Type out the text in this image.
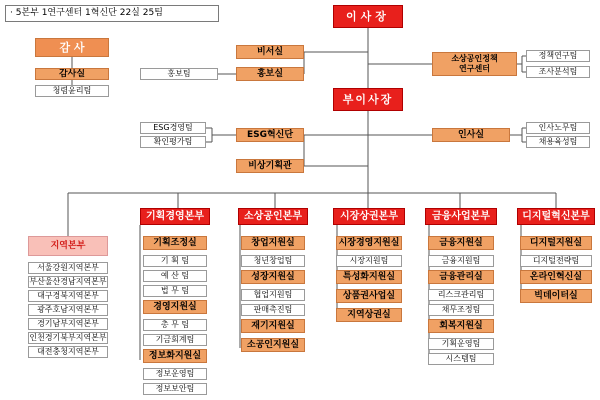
· 5본부 1연구센터 1혁신단 22실 25팀	이사장
감 사
감사실
청렴윤리팀
비서실
홍보실
홍보팀
소상공인정책
연구센터
정책연구팀
조사분석팀
부이사장
ESG경영팀
확인평가팀
ESG혁신단
비상기획관
인사실
인사노무팀
채용육성팀
지역본부
서울강원지역본부
부산울산경남지역본부
대구경북지역본부
광주호남지역본부
경기남부지역본부
인천경기북부지역본부
대전충청지역본부
기획경영본부
기획조정실
기 획 팀
예 산 팀
법 무 팀
경영지원실
총 무 팀
기금회계팀
정보화지원실
정보운영팀
정보보안팀
소상공인본부
창업지원실
청년창업팀
성장지원실
협업지원팀
판매촉진팀
재기지원실
소공인지원실
시장상권본부
시장경영지원실
시장지원팀
특성화지원실
상품권사업실
지역상권실
금융사업본부
금융지원실
금융지원팀
금융관리실
리스크관리팀
채무조정팀
회복지원실
기획운영팀
시스템팀
디지털혁신본부
디지털지원실
디지털전략팀
온라인혁신실
빅데이터실
